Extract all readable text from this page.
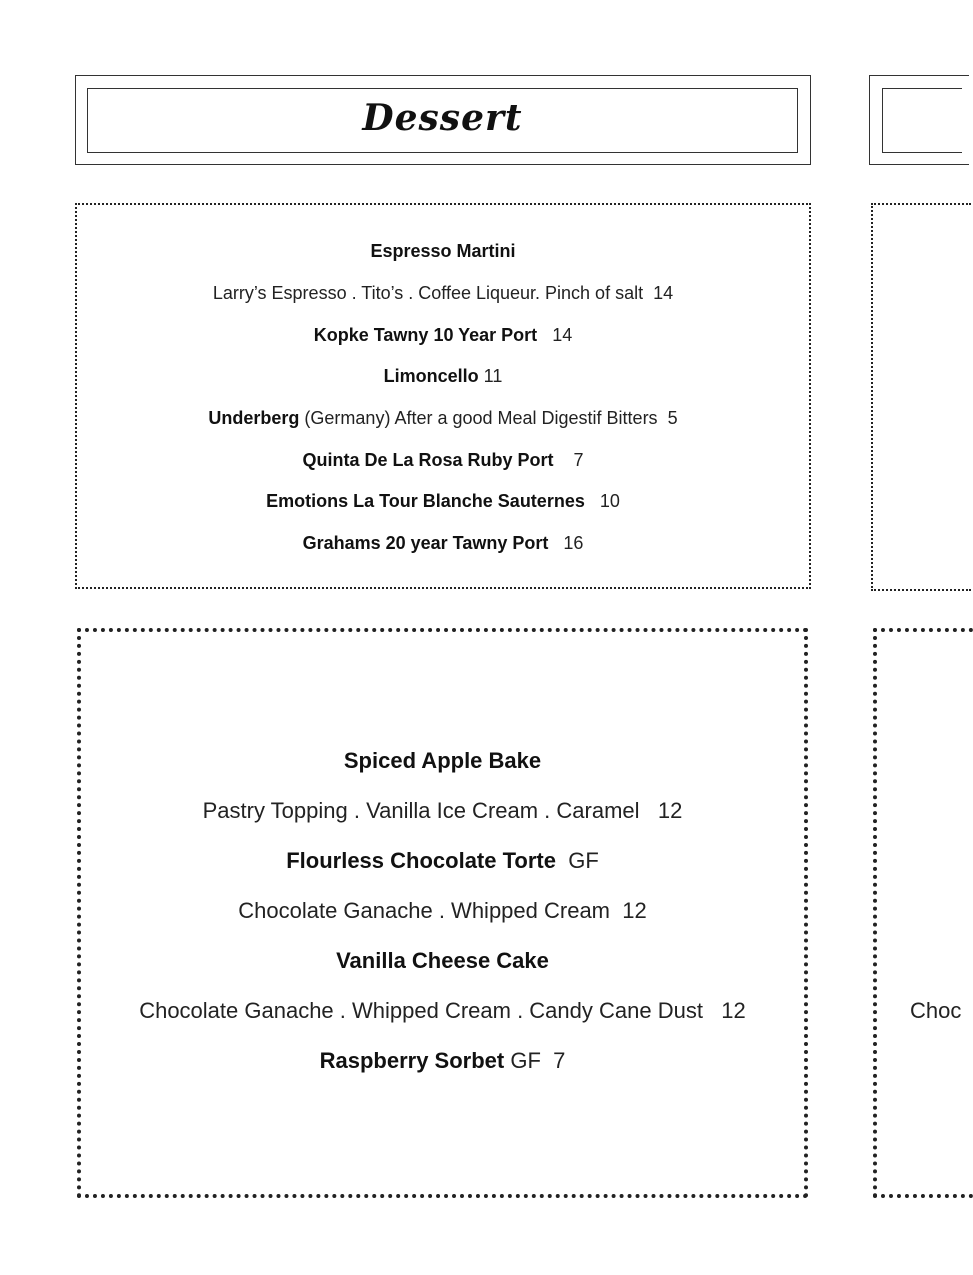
Dessert
Espresso Martini
Larry’s Espresso . Tito’s . Coffee Liqueur. Pinch of salt 14
Kopke Tawny 10 Year Port 14
Limoncello 11
Underberg (Germany) After a good Meal Digestif Bitters 5
Quinta De La Rosa Ruby Port 7
Emotions La Tour Blanche Sauternes 10
Grahams 20 year Tawny Port 16
Spiced Apple Bake
Pastry Topping . Vanilla Ice Cream . Caramel 12
Flourless Chocolate Torte GF
Chocolate Ganache . Whipped Cream 12
Vanilla Cheese Cake
Chocolate Ganache . Whipped Cream . Candy Cane Dust 12
Raspberry Sorbet GF 7
Choc
